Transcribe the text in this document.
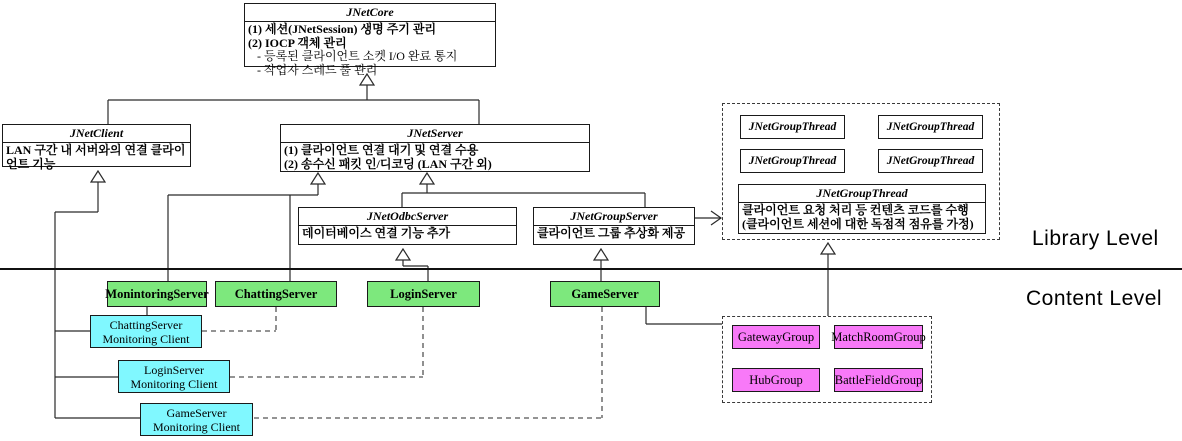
JNetCore
(1) 세션(JNetSession) 생명 주기 관리
(2) IOCP 객체 관리
- 등록된 클라이언트 소켓 I/O 완료 통지
- 작업자 스레드 풀 관리
JNetClient
LAN 구간 내 서버와의 연결 클라이언트 기능
JNetServer
(1) 클라이언트 연결 대기 및 연결 수용
(2) 송수신 패킷 인/디코딩 (LAN 구간 외)
JNetOdbcServer
데이터베이스 연결 기능 추가
JNetGroupServer
클라이언트 그룹 추상화 제공
JNetGroupThread	JNetGroupThread
JNetGroupThread	JNetGroupThread
JNetGroupThread
클라이언트 요청 처리 등 컨텐츠 코드를 수행
(클라이언트 세션에 대한 독점적 점유를 가정)
MonintoringServer ChattingServer	LoginServer	GameServer
ChattingServer
Monitoring Client
LoginServer
Monitoring Client
GameServer
Monitoring Client
GatewayGroup MatchRoomGroup
HubGroup	BattleFieldGroup
Library Level
Content Level
